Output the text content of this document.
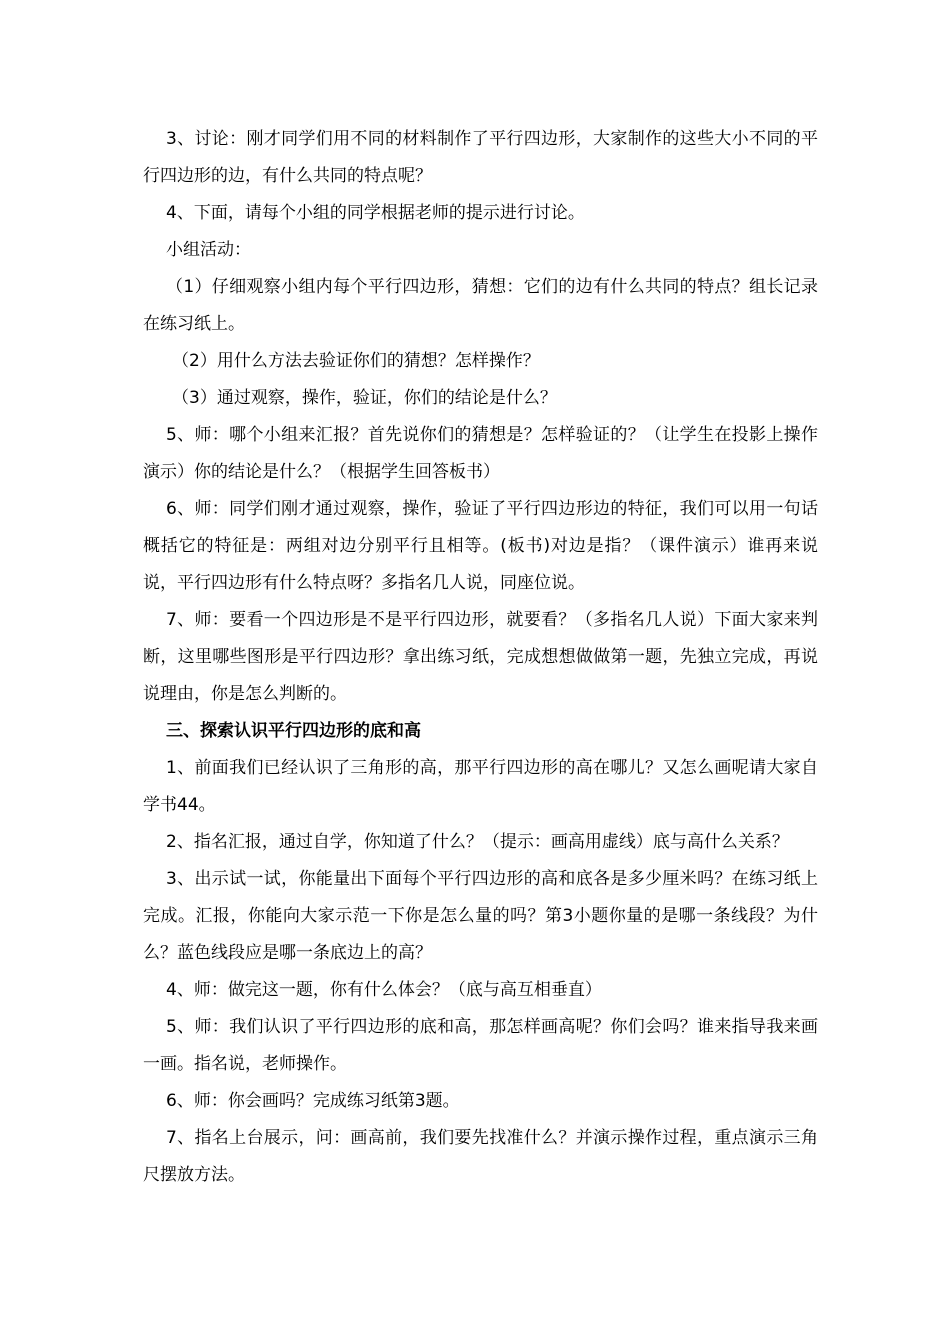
3、讨论：刚才同学们用不同的材料制作了平行四边形，大家制作的这些大小不同的平行四边形的边，有什么共同的特点呢？

4、下面，请每个小组的同学根据老师的提示进行讨论。

小组活动：

（1）仔细观察小组内每个平行四边形，猜想：它们的边有什么共同的特点？组长记录在练习纸上。

（2）用什么方法去验证你们的猜想？怎样操作？

（3）通过观察，操作，验证，你们的结论是什么？

5、师：哪个小组来汇报？首先说你们的猜想是？怎样验证的？（让学生在投影上操作演示）你的结论是什么？（根据学生回答板书）

6、师：同学们刚才通过观察，操作，验证了平行四边形边的特征，我们可以用一句话概括它的特征是：两组对边分别平行且相等。(板书)对边是指？（课件演示）谁再来说说，平行四边形有什么特点呀？多指名几人说，同座位说。

7、师：要看一个四边形是不是平行四边形，就要看？（多指名几人说）下面大家来判断，这里哪些图形是平行四边形？拿出练习纸，完成想想做做第一题，先独立完成，再说说理由，你是怎么判断的。

三、探索认识平行四边形的底和高

1、前面我们已经认识了三角形的高，那平行四边形的高在哪儿？又怎么画呢请大家自学书44。

2、指名汇报，通过自学，你知道了什么？（提示：画高用虚线）底与高什么关系？

3、出示试一试，你能量出下面每个平行四边形的高和底各是多少厘米吗？在练习纸上完成。汇报，你能向大家示范一下你是怎么量的吗？第3小题你量的是哪一条线段？为什么？蓝色线段应是哪一条底边上的高？

4、师：做完这一题，你有什么体会？（底与高互相垂直）

5、师：我们认识了平行四边形的底和高，那怎样画高呢？你们会吗？谁来指导我来画一画。指名说，老师操作。

6、师：你会画吗？完成练习纸第3题。

7、指名上台展示，问：画高前，我们要先找准什么？并演示操作过程，重点演示三角尺摆放方法。
